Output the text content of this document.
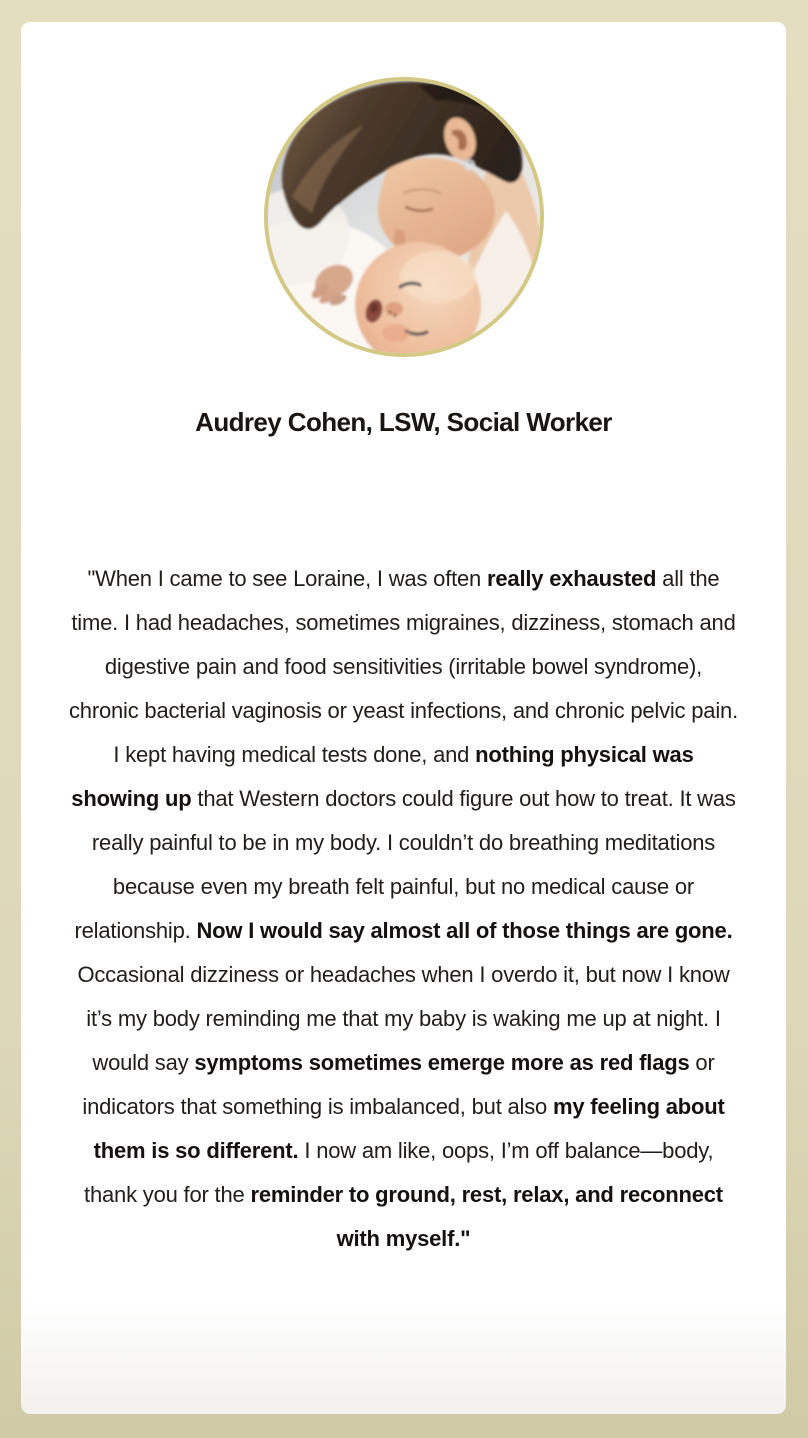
Audrey Cohen, LSW, Social Worker

"When I came to see Loraine, I was often really exhausted all the time. I had headaches, sometimes migraines, dizziness, stomach and digestive pain and food sensitivities (irritable bowel syndrome), chronic bacterial vaginosis or yeast infections, and chronic pelvic pain. I kept having medical tests done, and nothing physical was showing up that Western doctors could figure out how to treat. It was really painful to be in my body. I couldn’t do breathing meditations because even my breath felt painful, but no medical cause or relationship. Now I would say almost all of those things are gone. Occasional dizziness or headaches when I overdo it, but now I know it’s my body reminding me that my baby is waking me up at night. I would say symptoms sometimes emerge more as red flags or indicators that something is imbalanced, but also my feeling about them is so different. I now am like, oops, I’m off balance—body, thank you for the reminder to ground, rest, relax, and reconnect with myself."
